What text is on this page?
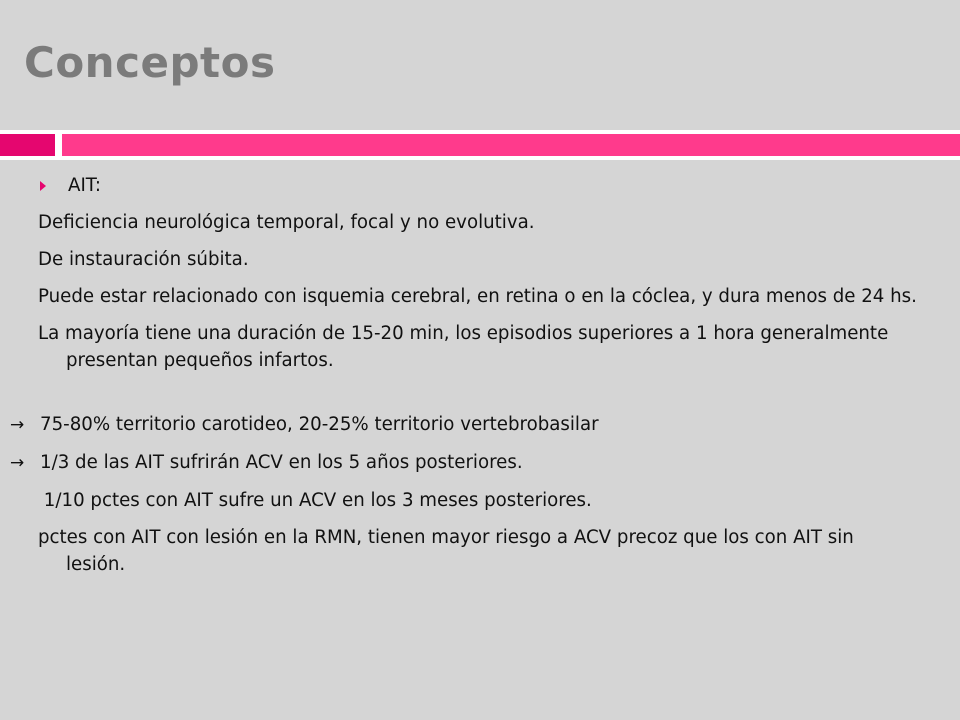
Conceptos
AIT:

Deficiencia neurológica temporal, focal y no evolutiva.

De instauración súbita.

Puede estar relacionado con isquemia cerebral, en retina o en la cóclea, y dura menos de 24 hs.

La mayoría tiene una duración de 15-20 min, los episodios superiores a 1 hora generalmente presentan pequeños infartos.

→ 75-80% territorio carotideo, 20-25% territorio vertebrobasilar

→ 1/3 de las AIT sufrirán ACV en los 5 años posteriores.

1/10 pctes con AIT sufre un ACV en los 3 meses posteriores.

pctes con AIT con lesión en la RMN, tienen mayor riesgo a ACV precoz que los con AIT sin lesión.
